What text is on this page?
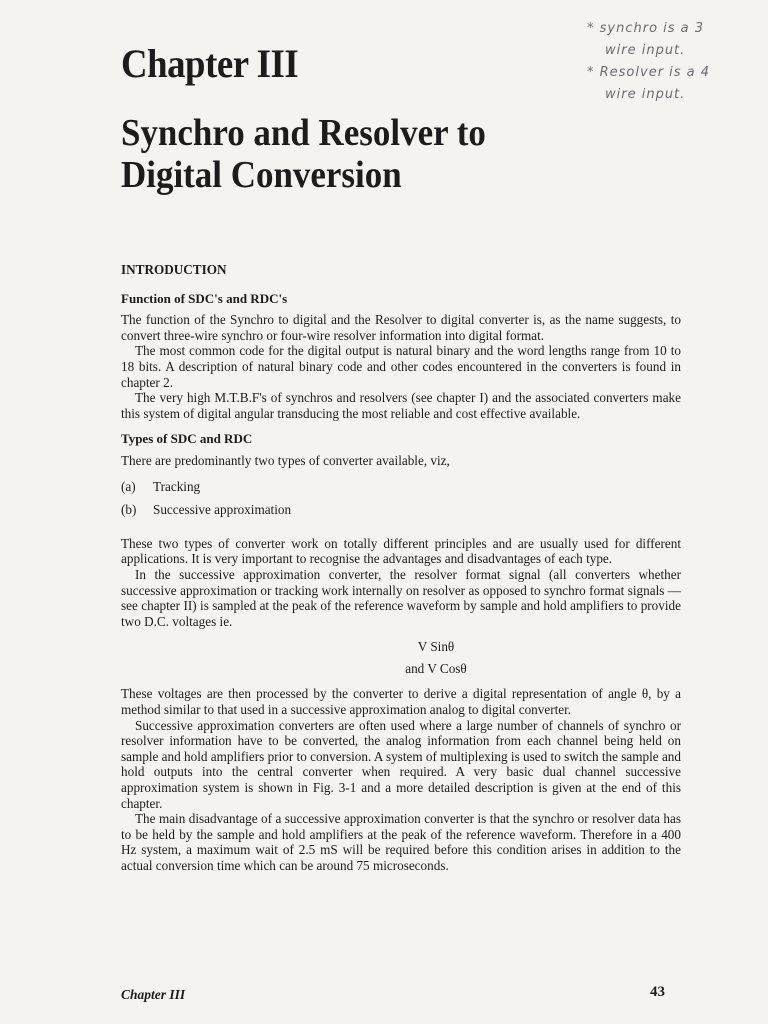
Chapter III
Synchro and Resolver to
Digital Conversion
* synchro is a 3
wire input.
* Resolver is a 4
wire input.
INTRODUCTION
Function of SDC's and RDC's

The function of the Synchro to digital and the Resolver to digital converter is, as the name suggests, to convert three-wire synchro or four-wire resolver information into digital format.

The most common code for the digital output is natural binary and the word lengths range from 10 to 18 bits. A description of natural binary code and other codes encountered in the converters is found in chapter 2.

The very high M.T.B.F's of synchros and resolvers (see chapter I) and the associated converters make this system of digital angular transducing the most reliable and cost effective available.

Types of SDC and RDC

There are predominantly two types of converter available, viz,

(a)	Tracking
(b)	Successive approximation

These two types of converter work on totally different principles and are usually used for different applications. It is very important to recognise the advantages and disadvantages of each type.

In the successive approximation converter, the resolver format signal (all converters whether successive approximation or tracking work internally on resolver as opposed to synchro format signals — see chapter II) is sampled at the peak of the reference waveform by sample and hold amplifiers to provide two D.C. voltages ie.

V Sinθ
and V Cosθ

These voltages are then processed by the converter to derive a digital representation of angle θ, by a method similar to that used in a successive approximation analog to digital converter.

Successive approximation converters are often used where a large number of channels of synchro or resolver information have to be converted, the analog information from each channel being held on sample and hold amplifiers prior to conversion. A system of multiplexing is used to switch the sample and hold outputs into the central converter when required. A very basic dual channel successive approximation system is shown in Fig. 3-1 and a more detailed description is given at the end of this chapter.

The main disadvantage of a successive approximation converter is that the synchro or resolver data has to be held by the sample and hold amplifiers at the peak of the reference waveform. Therefore in a 400 Hz system, a maximum wait of 2.5 mS will be required before this condition arises in addition to the actual conversion time which can be around 75 microseconds.

Chapter III	43
